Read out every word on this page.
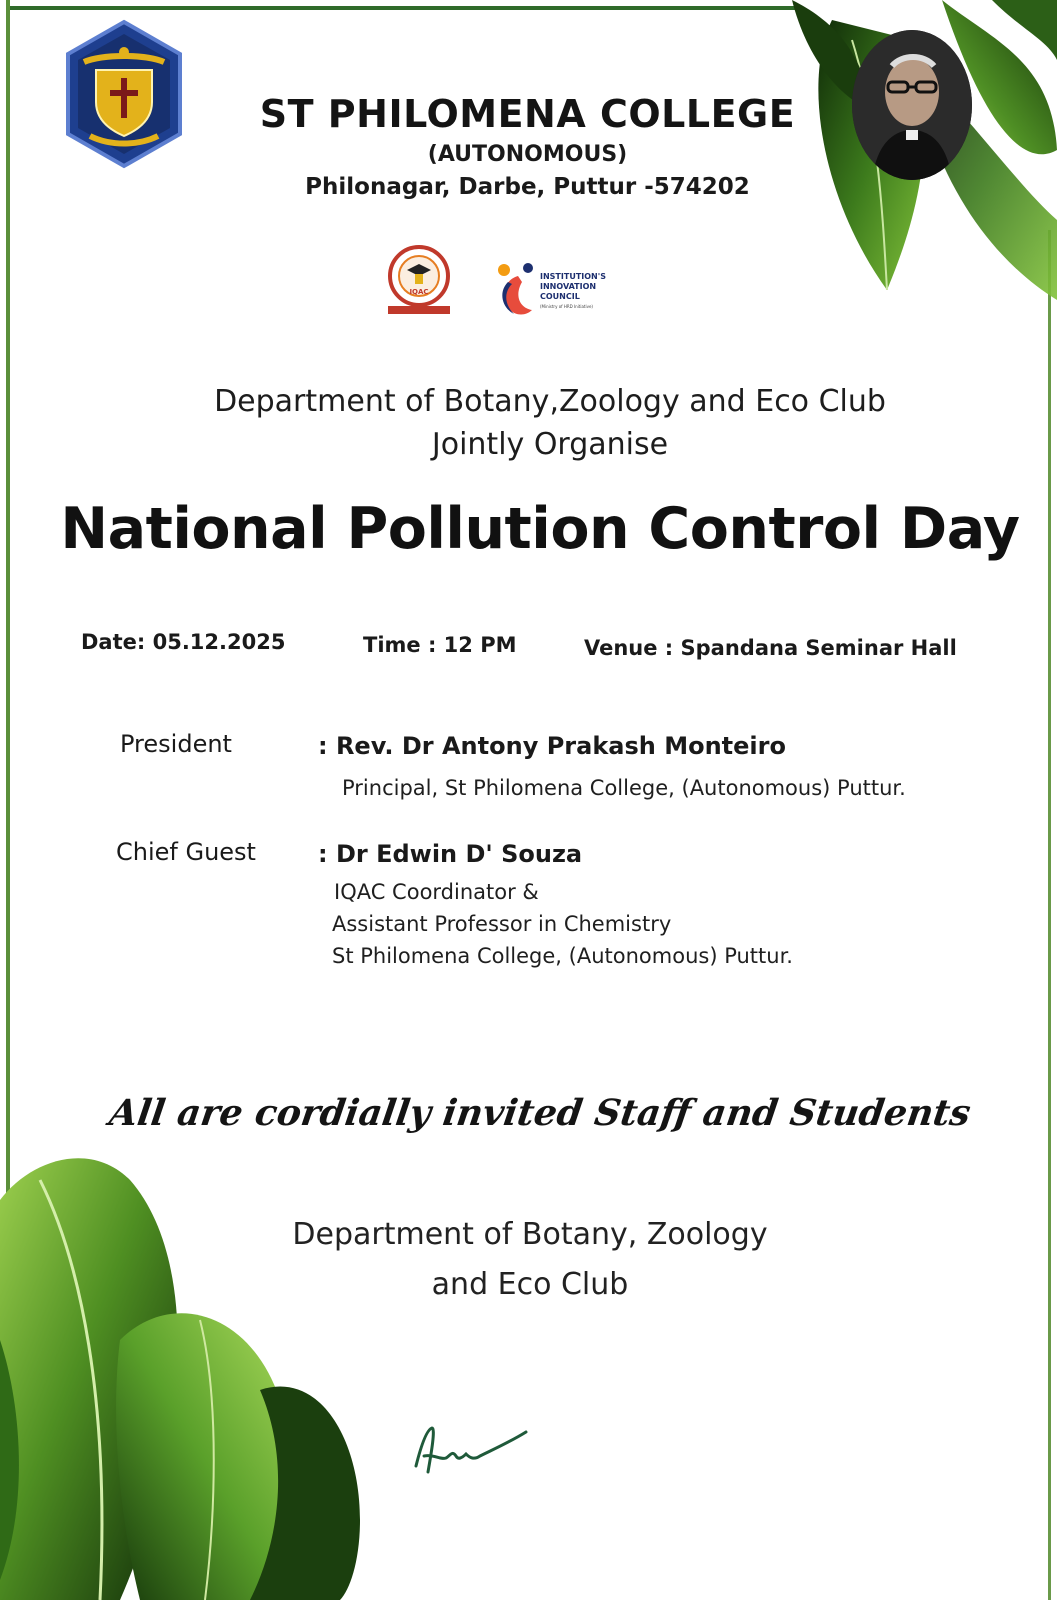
ST PHILOMENA COLLEGE
(AUTONOMOUS)
Philonagar, Darbe, Puttur -574202
IQAC
INSTITUTION'S
INNOVATION
COUNCIL
(Ministry of HRD Initiative)
Department of Botany,Zoology and Eco Club
Jointly Organise
National Pollution Control Day
Date: 05.12.2025	Time : 12 PM	Venue : Spandana Seminar Hall
President	: Rev. Dr Antony Prakash Monteiro
Principal, St Philomena College, (Autonomous) Puttur.
Chief Guest	: Dr Edwin D' Souza
IQAC Coordinator &
Assistant Professor in Chemistry
St Philomena College, (Autonomous) Puttur.
All are cordially invited Staff and Students
Department of Botany, Zoology
and Eco Club
